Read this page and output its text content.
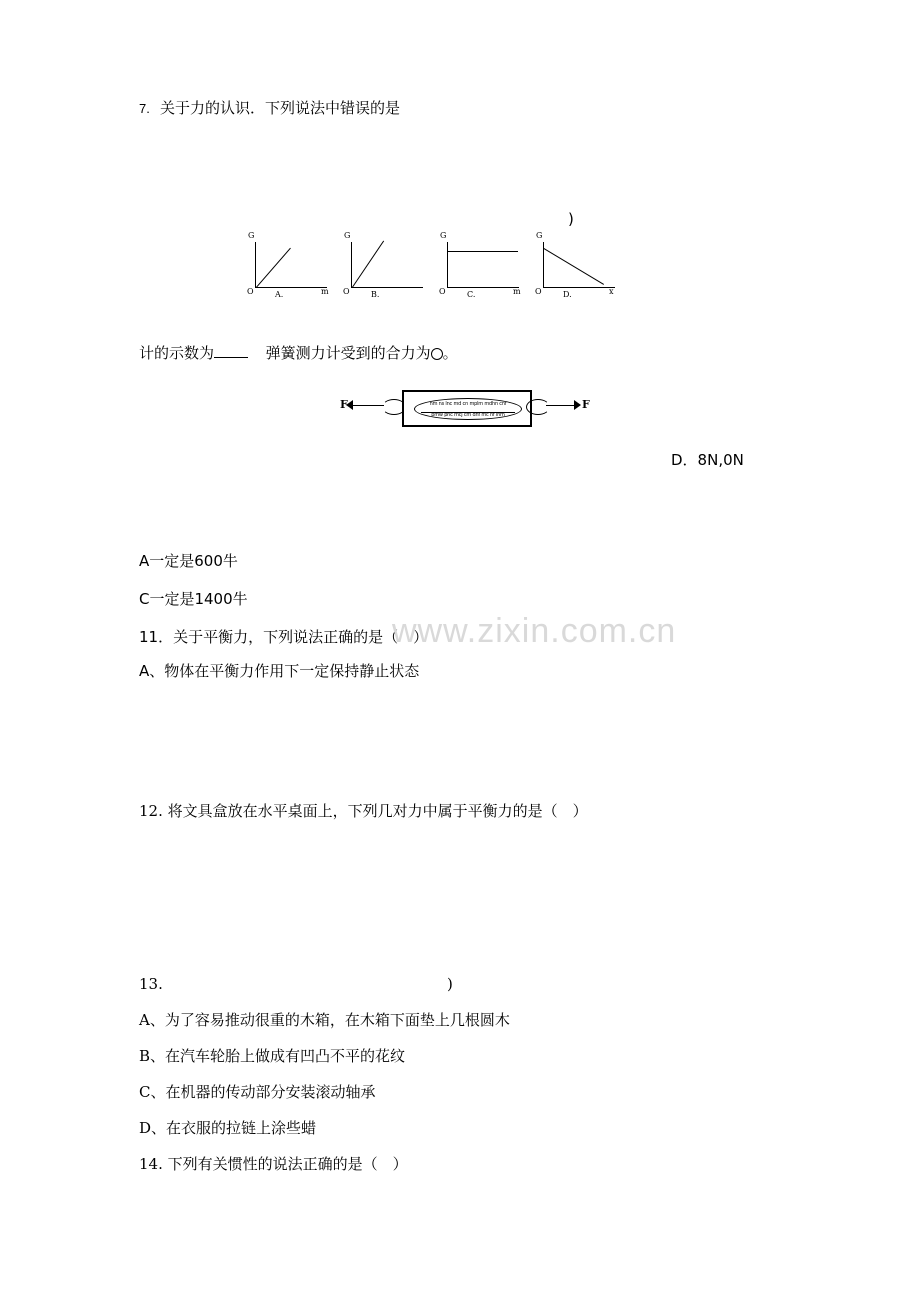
7. 关于力的认识．下列说法中错误的是
)
G
O	m
A.
G
O	B.
G
O	m
C.
G
O	x
D.
计的示数为	弹簧测力计受到的合力为 。
F	hm ns lnc md cn mplm mdhn cnf
pmw pnc mcj cm dnf mc nf lnm
F
D．8N,0N
A一定是600牛
C一定是1400牛
11．关于平衡力，下列说法正确的是（　）
A、物体在平衡力作用下一定保持静止状态
www.zixin.com.cn
12. 将文具盒放在水平桌面上，下列几对力中属于平衡力的是（　）
13.	)
A、为了容易推动很重的木箱，在木箱下面垫上几根圆木
B、在汽车轮胎上做成有凹凸不平的花纹
C、在机器的传动部分安装滚动轴承
D、在衣服的拉链上涂些蜡
14. 下列有关惯性的说法正确的是（　）
